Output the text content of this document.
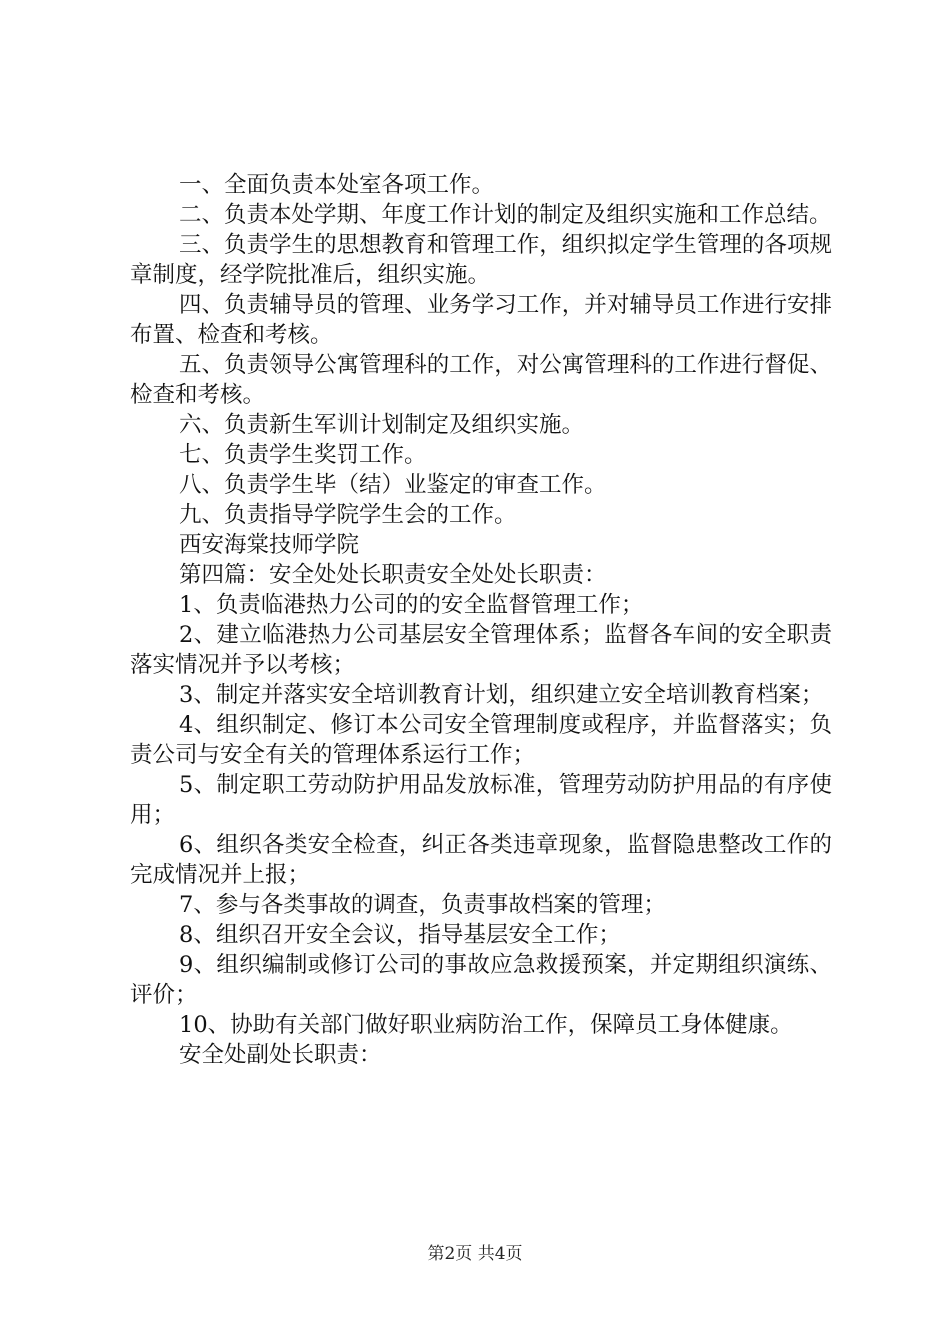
一、全面负责本处室各项工作。

二、负责本处学期、年度工作计划的制定及组织实施和工作总结。

三、负责学生的思想教育和管理工作，组织拟定学生管理的各项规章制度，经学院批准后，组织实施。

四、负责辅导员的管理、业务学习工作，并对辅导员工作进行安排布置、检查和考核。

五、负责领导公寓管理科的工作，对公寓管理科的工作进行督促、检查和考核。

六、负责新生军训计划制定及组织实施。

七、负责学生奖罚工作。

八、负责学生毕（结）业鉴定的审查工作。

九、负责指导学院学生会的工作。

西安海棠技师学院

第四篇：安全处处长职责安全处处长职责：

1、负责临港热力公司的的安全监督管理工作；

2、建立临港热力公司基层安全管理体系；监督各车间的安全职责落实情况并予以考核；

3、制定并落实安全培训教育计划，组织建立安全培训教育档案；

4、组织制定、修订本公司安全管理制度或程序，并监督落实；负责公司与安全有关的管理体系运行工作；

5、制定职工劳动防护用品发放标准，管理劳动防护用品的有序使用；

6、组织各类安全检查，纠正各类违章现象，监督隐患整改工作的完成情况并上报；

7、参与各类事故的调查，负责事故档案的管理；

8、组织召开安全会议，指导基层安全工作；

9、组织编制或修订公司的事故应急救援预案，并定期组织演练、评价；

10、协助有关部门做好职业病防治工作，保障员工身体健康。

安全处副处长职责：

第2页 共4页
